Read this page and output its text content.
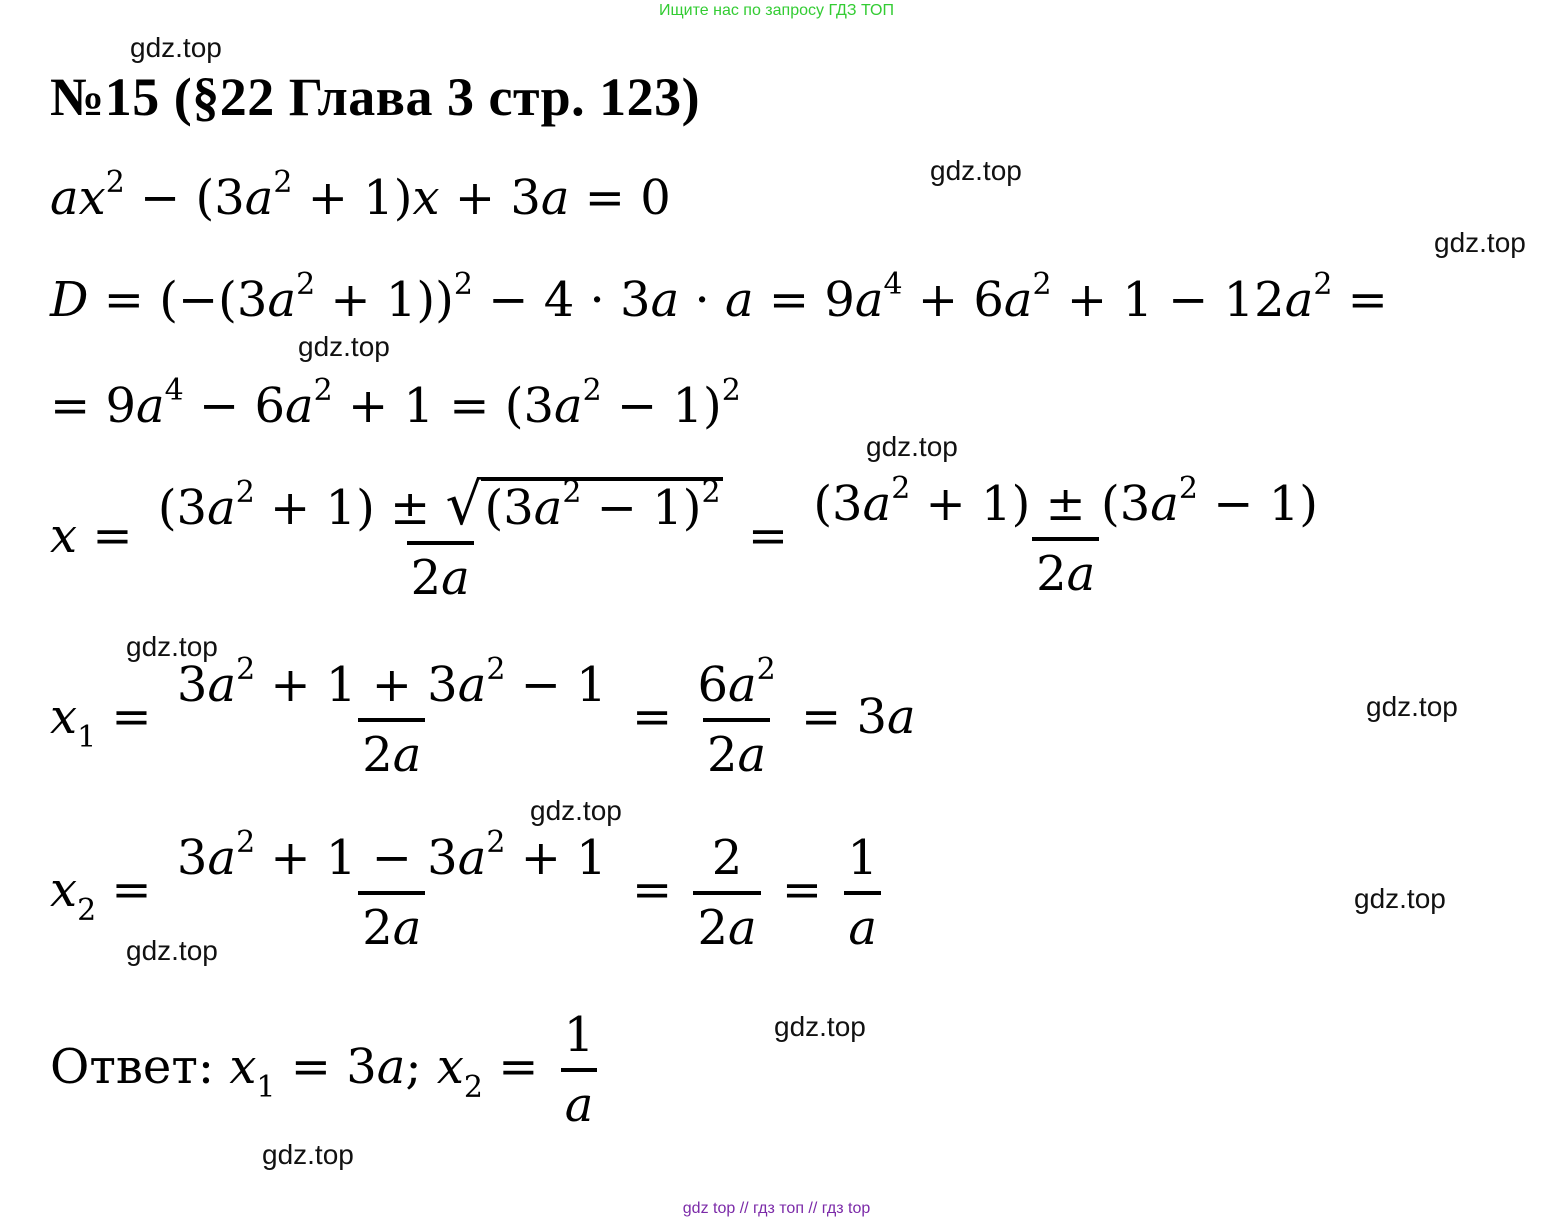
Ищите нас по запросу ГДЗ ТОП
gdz.top
gdz.top
gdz.top
gdz.top
gdz.top
gdz.top
gdz.top
gdz.top
gdz.top
gdz.top
gdz.top
gdz.top
№15 (§22 Глава 3 стр. 123)
$ax^2 - (3a^2 + 1)x + 3a = 0$
$D = (-(3a^2 + 1))^2 - 4 \cdot 3a \cdot a = 9a^4 + 6a^2 + 1 - 12a^2$ =
= $9a^4 - 6a^2 + 1 = (3a^2 - 1)^2$
$x = \frac{(3a^2 + 1) \pm √ (3a^2 - 1)^2}{2a} = \frac{(3a^2 + 1) \pm (3a^2 - 1)}{2a}$
$x_1 = \frac{3a^2 + 1 + 3a^2 - 1}{2a} = \frac{6a^2}{2a} = 3a$
$x_2 = \frac{3a^2 + 1 - 3a^2 + 1}{2a} = \frac{2}{2a} = \frac{1}{a}$
Ответ: $x_1 = 3a$; $x_2 = \frac{1}{a}$
gdz top // гдз топ // гдз top
